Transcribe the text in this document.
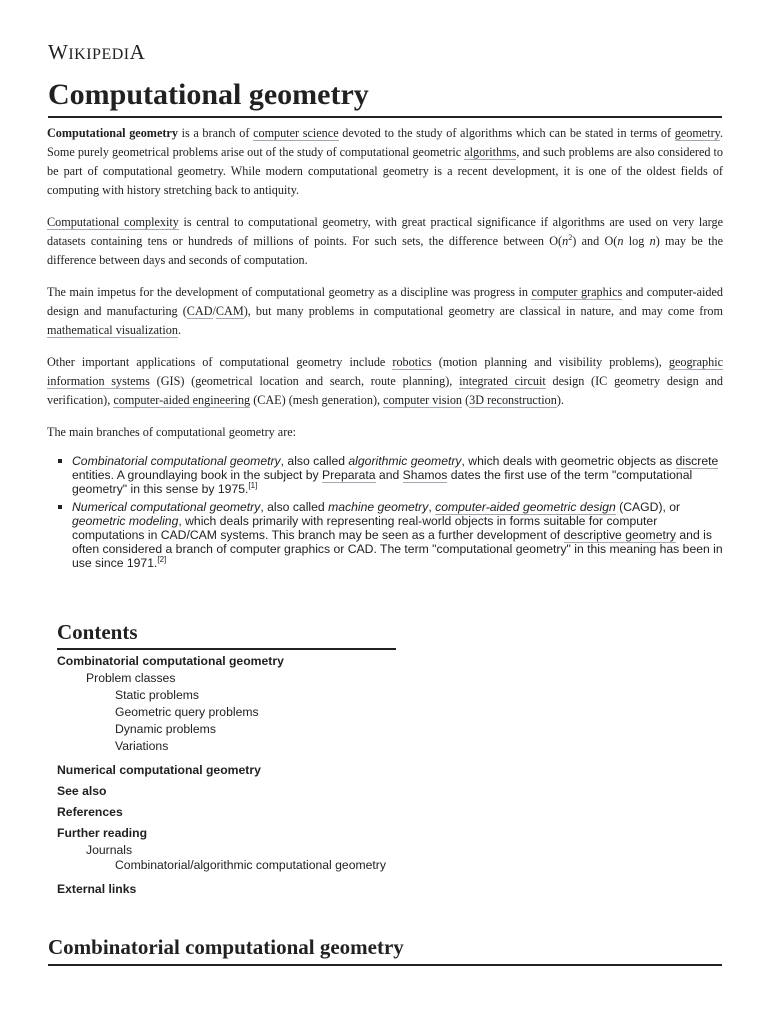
WIKIPEDIA
Computational geometry

Computational geometry is a branch of computer science devoted to the study of algorithms which can be stated in terms of geometry. Some purely geometrical problems arise out of the study of computational geometric algorithms, and such problems are also considered to be part of computational geometry. While modern computational geometry is a recent development, it is one of the oldest fields of computing with history stretching back to antiquity.

Computational complexity is central to computational geometry, with great practical significance if algorithms are used on very large datasets containing tens or hundreds of millions of points. For such sets, the difference between $O(n^2)$ and O(n log n) may be the difference between days and seconds of computation.

The main impetus for the development of computational geometry as a discipline was progress in computer graphics and computer-aided design and manufacturing (CAD/CAM), but many problems in computational geometry are classical in nature, and may come from mathematical visualization.

Other important applications of computational geometry include robotics (motion planning and visibility problems), geographic information systems (GIS) (geometrical location and search, route planning), integrated circuit design (IC geometry design and verification), computer-aided engineering (CAE) (mesh generation), computer vision (3D reconstruction).

The main branches of computational geometry are:

Combinatorial computational geometry, also called algorithmic geometry, which deals with geometric objects as discrete entities. A groundlaying book in the subject by Preparata and Shamos dates the first use of the term "computational geometry" in this sense by 1975.[1]
Numerical computational geometry, also called machine geometry, computer-aided geometric design (CAGD), or geometric modeling, which deals primarily with representing real-world objects in forms suitable for computer computations in CAD/CAM systems. This branch may be seen as a further development of descriptive geometry and is often considered a branch of computer graphics or CAD. The term "computational geometry" in this meaning has been in use since 1971.[2]
Contents
Combinatorial computational geometry
Problem classes
Static problems
Geometric query problems
Dynamic problems
Variations
Numerical computational geometry
See also
References
Further reading
Journals
Combinatorial/algorithmic computational geometry
External links
Combinatorial computational geometry
